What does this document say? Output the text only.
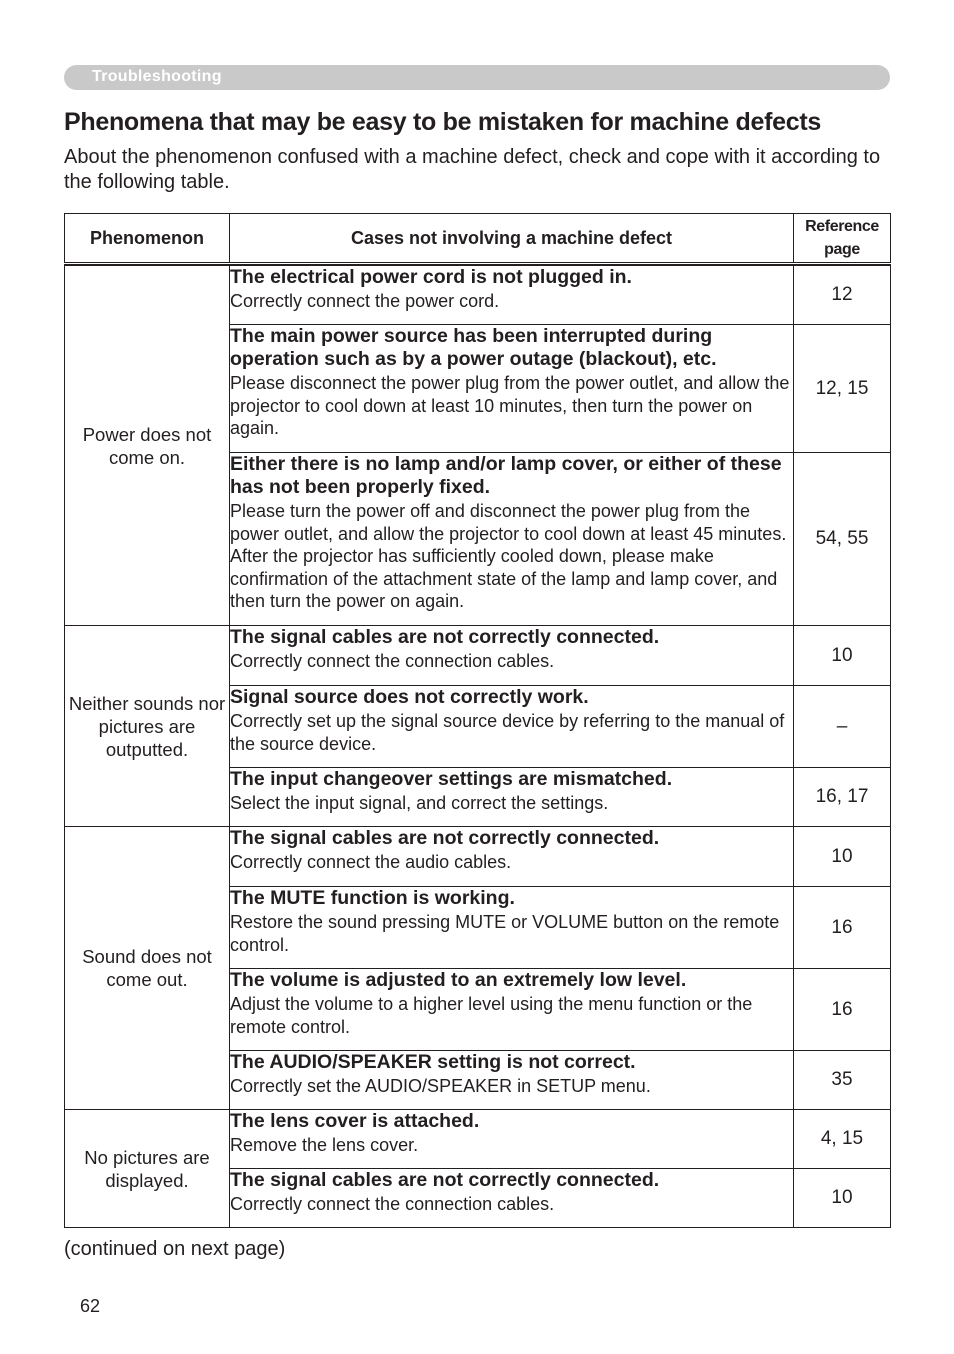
Troubleshooting
Phenomena that may be easy to be mistaken for machine defects
About the phenomenon confused with a machine defect, check and cope with it according to the following table.
Phenomenon	Cases not involving a machine defect	Reference
page

Power does not come on.	The electrical power cord is not plugged in.
Correctly connect the power cord.	12

	The main power source has been interrupted during operation such as by a power outage (blackout), etc.
Please disconnect the power plug from the power outlet, and allow the projector to cool down at least 10 minutes, then turn the power on again.	12, 15

	Either there is no lamp and/or lamp cover, or either of these has not been properly fixed.
Please turn the power off and disconnect the power plug from the power outlet, and allow the projector to cool down at least 45 minutes. After the projector has sufficiently cooled down, please make confirmation of the attachment state of the lamp and lamp cover, and then turn the power on again.	54, 55
Neither sounds nor pictures are outputted.	The signal cables are not correctly connected.
Correctly connect the connection cables.	10

	Signal source does not correctly work.
Correctly set up the signal source device by referring to the manual of the source device.	–

	The input changeover settings are mismatched.
Select the input signal, and correct the settings.	16, 17
Sound does not come out.	The signal cables are not correctly connected.
Correctly connect the audio cables.	10

	The MUTE function is working.
Restore the sound pressing MUTE or VOLUME button on the remote control.	16

	The volume is adjusted to an extremely low level.
Adjust the volume to a higher level using the menu function or the remote control.	16

	The AUDIO/SPEAKER setting is not correct.
Correctly set the AUDIO/SPEAKER in SETUP menu.	35
No pictures are displayed.	The lens cover is attached.
Remove the lens cover.	4, 15

	The signal cables are not correctly connected.
Correctly connect the connection cables.	10
(continued on next page)
62
